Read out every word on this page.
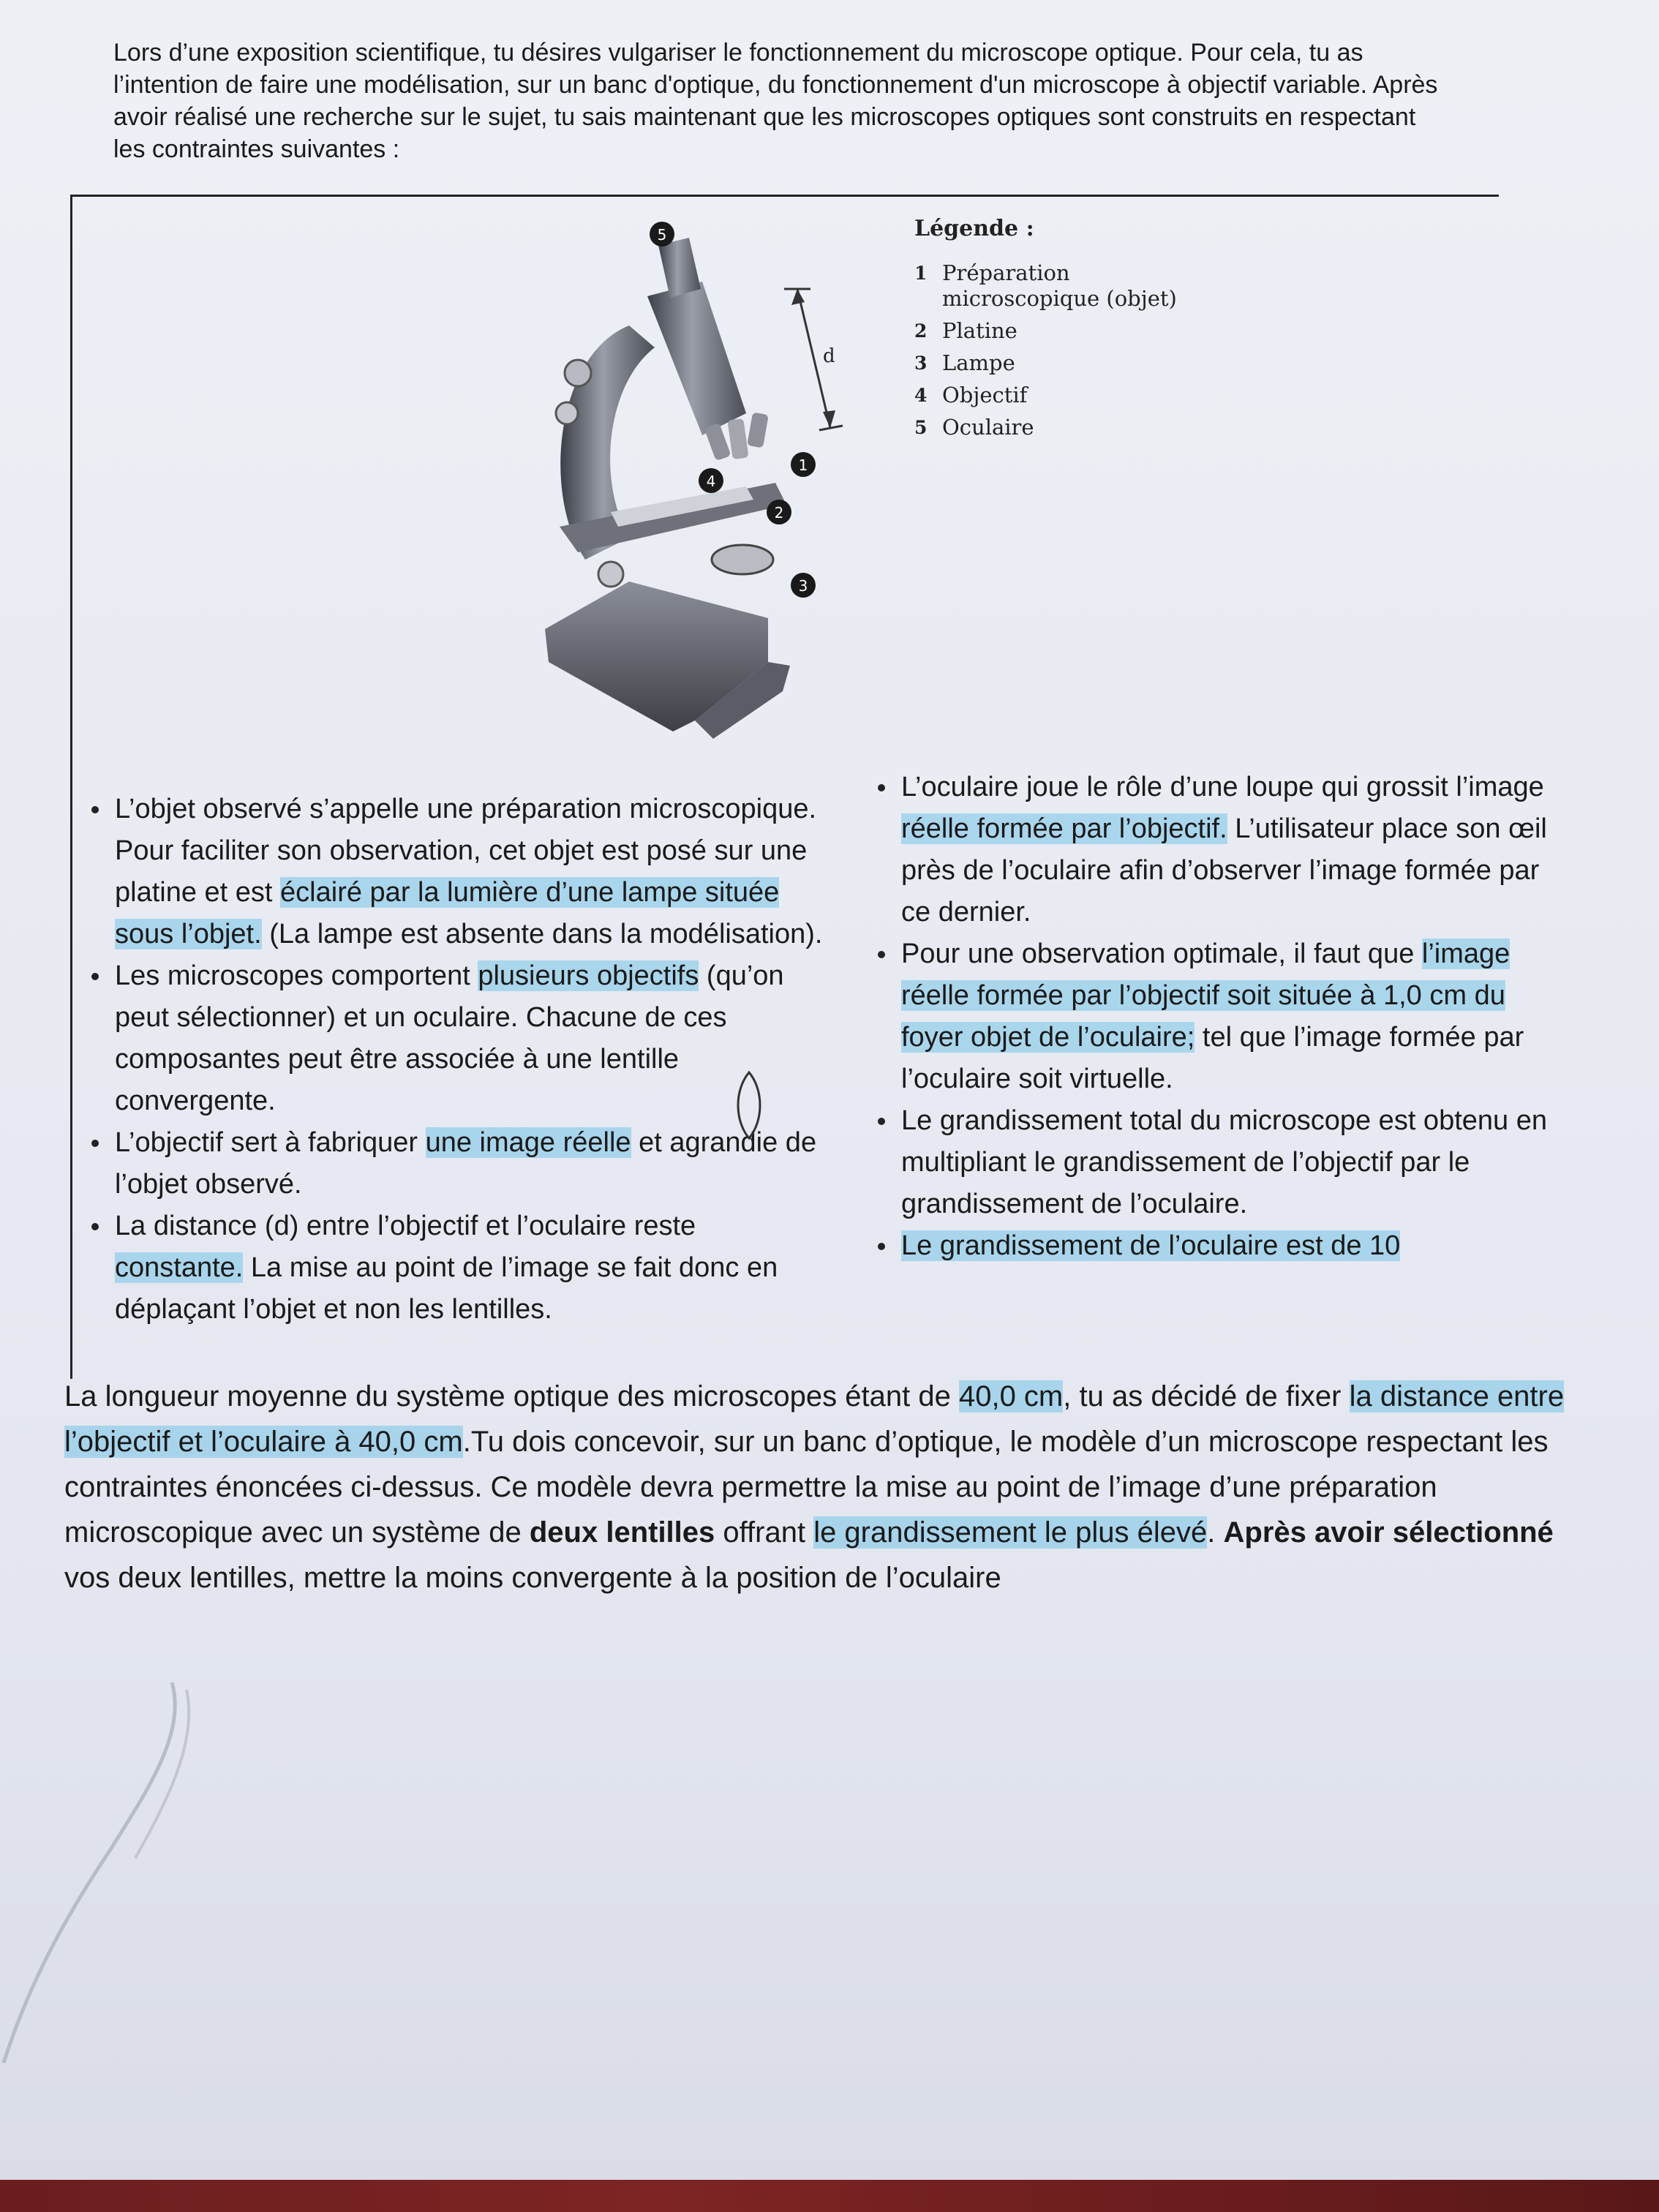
Lors d’une exposition scientifique, tu désires vulgariser le fonctionnement du microscope optique. Pour cela, tu as l’intention de faire une modélisation, sur un banc d'optique, du fonctionnement d'un microscope à objectif variable. Après avoir réalisé une recherche sur le sujet, tu sais maintenant que les microscopes optiques sont construits en respectant les contraintes suivantes :

d
5
1
4
2
3

Légende :

1 Préparation microscopique (objet)
2 Platine
3 Lampe
4 Objectif
5 Oculaire
L’objet observé s’appelle une préparation microscopique. Pour faciliter son observation, cet objet est posé sur une platine et est éclairé par la lumière d’une lampe située sous l’objet. (La lampe est absente dans la modélisation).
Les microscopes comportent plusieurs objectifs (qu’on peut sélectionner) et un oculaire. Chacune de ces composantes peut être associée à une lentille convergente.
L’objectif sert à fabriquer une image réelle et agrandie de l’objet observé.
La distance (d) entre l’objectif et l’oculaire reste constante. La mise au point de l’image se fait donc en déplaçant l’objet et non les lentilles.
L’oculaire joue le rôle d’une loupe qui grossit l’image réelle formée par l’objectif. L’utilisateur place son œil près de l’oculaire afin d’observer l’image formée par ce dernier.
Pour une observation optimale, il faut que l’image réelle formée par l’objectif soit située à 1,0 cm du foyer objet de l’oculaire; tel que l’image formée par l’oculaire soit virtuelle.
Le grandissement total du microscope est obtenu en multipliant le grandissement de l’objectif par le grandissement de l’oculaire.
Le grandissement de l’oculaire est de 10

La longueur moyenne du système optique des microscopes étant de 40,0 cm, tu as décidé de fixer la distance entre l’objectif et l’oculaire à 40,0 cm.Tu dois concevoir, sur un banc d’optique, le modèle d’un microscope respectant les contraintes énoncées ci-dessus. Ce modèle devra permettre la mise au point de l’image d’une préparation microscopique avec un système de deux lentilles offrant le grandissement le plus élevé. Après avoir sélectionné vos deux lentilles, mettre la moins convergente à la position de l’oculaire
